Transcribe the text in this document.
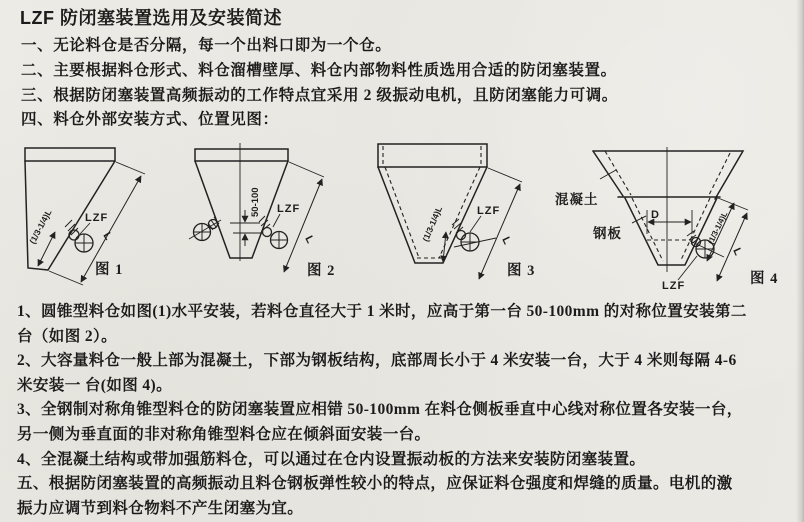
LZF 防闭塞装置选用及安装简述

一、无论料仓是否分隔，每一个出料口即为一个仓。

二、主要根据料仓形式、料仓溜槽壁厚、料仓内部物料性质选用合适的防闭塞装置。

三、根据防闭塞装置高频振动的工作特点宜采用 2 级振动电机，且防闭塞能力可调。

四、料仓外部安装方式、位置见图：

LZF
L
(1/3-1/4)L
图 1
50-100 LZF
L
图 2
LZF
(1/3-1/4)L	L
图 3
混凝土
钢板
D	(1/3-1/4)L
L
LZF	图 4

1、圆锥型料仓如图(1)水平安装，若料仓直径大于 1 米时，应高于第一台 50-100mm 的对称位置安装第二

台（如图 2）。

2、大容量料仓一般上部为混凝土，下部为钢板结构，底部周长小于 4 米安装一台，大于 4 米则每隔 4-6

米安装一 台(如图 4)。

3、全钢制对称角锥型料仓的防闭塞装置应相错 50-100mm 在料仓侧板垂直中心线对称位置各安装一台，

另一侧为垂直面的非对称角锥型料仓应在倾斜面安装一台。

4、全混凝土结构或带加强筋料仓，可以通过在仓内设置振动板的方法来安装防闭塞装置。

五、根据防闭塞装置的高频振动且料仓钢板弹性较小的特点，应保证料仓强度和焊缝的质量。电机的激

振力应调节到料仓物料不产生闭塞为宜。
